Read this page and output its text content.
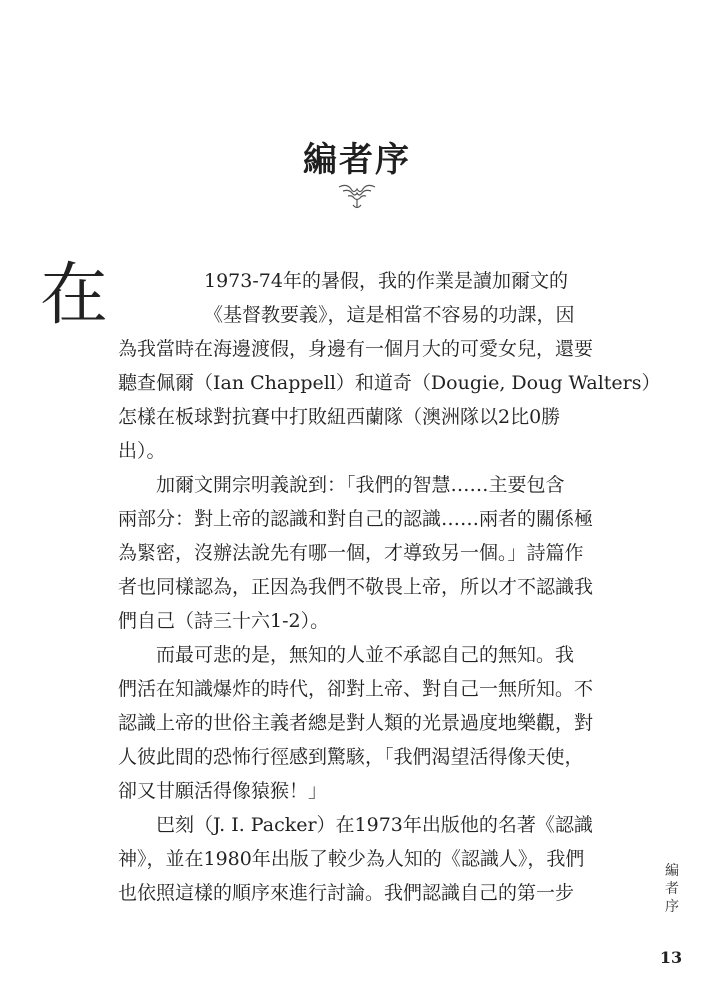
編者序
在	1973-74年的暑假，我的作業是讀加爾文的
《基督教要義》，這是相當不容易的功課，因
為我當時在海邊渡假，身邊有一個月大的可愛女兒，還要
聽查佩爾（Ian Chappell）和道奇（Dougie, Doug Walters）
怎樣在板球對抗賽中打敗紐西蘭隊（澳洲隊以2比0勝
出）。
加爾文開宗明義說到：「我們的智慧……主要包含
兩部分：對上帝的認識和對自己的認識……兩者的關係極
為緊密，沒辦法說先有哪一個，才導致另一個。」詩篇作
者也同樣認為，正因為我們不敬畏上帝，所以才不認識我
們自己（詩三十六1-2）。
而最可悲的是，無知的人並不承認自己的無知。我
們活在知識爆炸的時代，卻對上帝、對自己一無所知。不
認識上帝的世俗主義者總是對人類的光景過度地樂觀，對
人彼此間的恐怖行徑感到驚駭，「我們渴望活得像天使，
卻又甘願活得像猿猴！」
巴刻（J. I. Packer）在1973年出版他的名著《認識
神》，並在1980年出版了較少為人知的《認識人》，我們
也依照這樣的順序來進行討論。我們認識自己的第一步
編
者
序
13
